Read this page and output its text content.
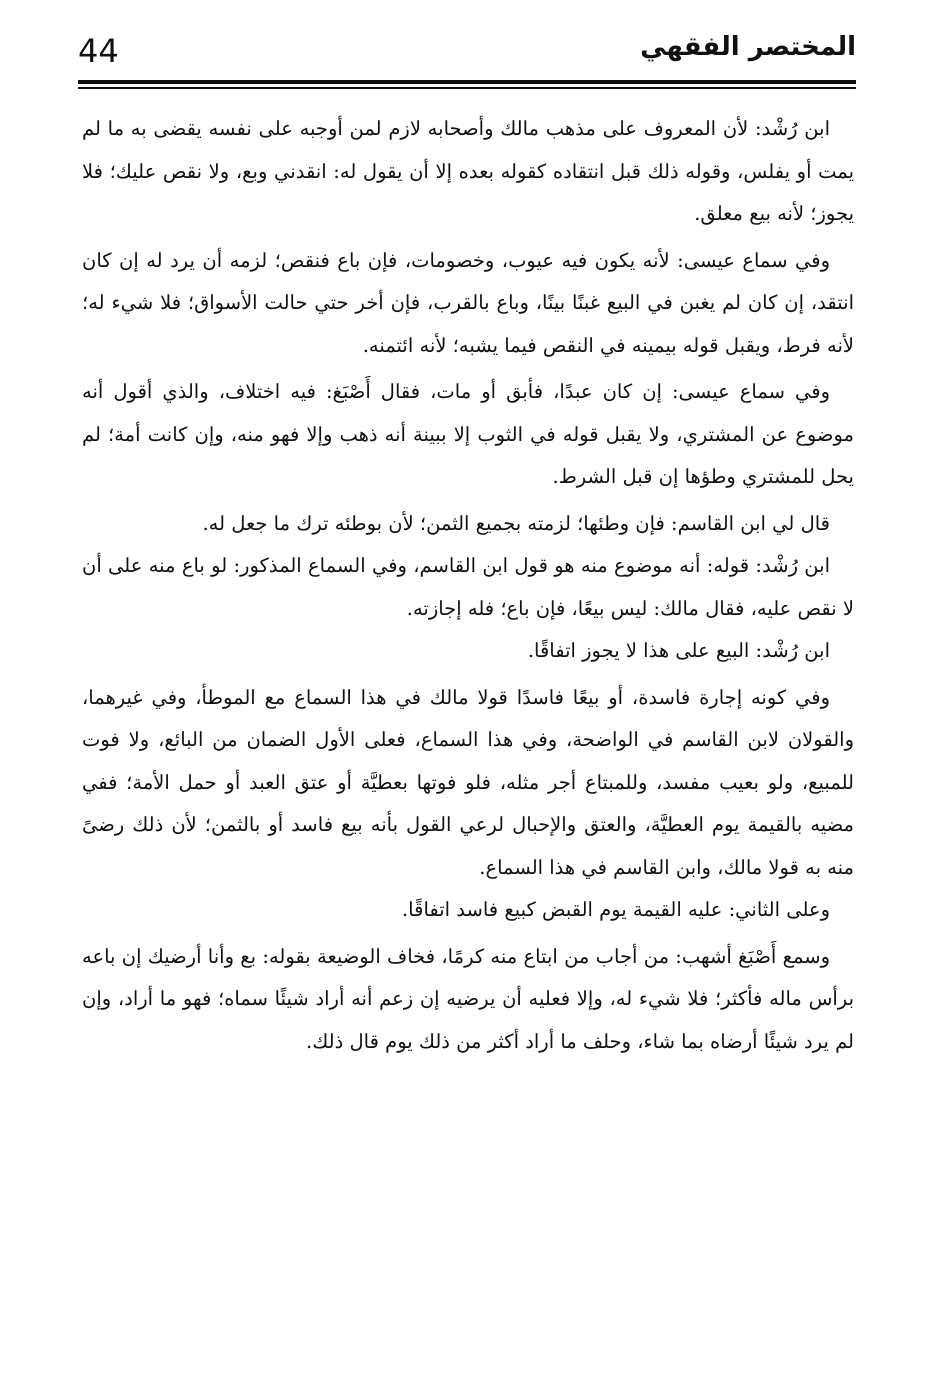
44	المختصر الفقهي

ابن رُشْد: لأن المعروف على مذهب مالك وأصحابه لازم لمن أوجبه على نفسه يقضى به ما لم يمت أو يفلس، وقوله ذلك قبل انتقاده كقوله بعده إلا أن يقول له: انقدني وبع، ولا نقص عليك؛ فلا يجوز؛ لأنه بيع معلق.

وفي سماع عيسى: لأنه يكون فيه عيوب، وخصومات، فإن باع فنقص؛ لزمه أن يرد له إن كان انتقد، إن كان لم يغبن في البيع غبنًا بينًا، وباع بالقرب، فإن أخر حتي حالت الأسواق؛ فلا شيء له؛ لأنه فرط، ويقبل قوله بيمينه في النقص فيما يشبه؛ لأنه ائتمنه.

وفي سماع عيسى: إن كان عبدًا، فأبق أو مات، فقال أَصْبَغ: فيه اختلاف، والذي أقول أنه موضوع عن المشتري، ولا يقبل قوله في الثوب إلا ببينة أنه ذهب وإلا فهو منه، وإن كانت أمة؛ لم يحل للمشتري وطؤها إن قبل الشرط.

قال لي ابن القاسم: فإن وطئها؛ لزمته بجميع الثمن؛ لأن بوطئه ترك ما جعل له.

ابن رُشْد: قوله: أنه موضوع منه هو قول ابن القاسم، وفي السماع المذكور: لو باع منه على أن لا نقص عليه، فقال مالك: ليس بيعًا، فإن باع؛ فله إجازته.

ابن رُشْد: البيع على هذا لا يجوز اتفاقًا.

وفي كونه إجارة فاسدة، أو بيعًا فاسدًا قولا مالك في هذا السماع مع الموطأ، وفي غيرهما، والقولان لابن القاسم في الواضحة، وفي هذا السماع، فعلى الأول الضمان من البائع، ولا فوت للمبيع، ولو بعيب مفسد، وللمبتاع أجر مثله، فلو فوتها بعطيَّة أو عتق العبد أو حمل الأمة؛ ففي مضيه بالقيمة يوم العطيَّة، والعتق والإحبال لرعي القول بأنه بيع فاسد أو بالثمن؛ لأن ذلك رضىً منه به قولا مالك، وابن القاسم في هذا السماع.

وعلى الثاني: عليه القيمة يوم القبض كبيع فاسد اتفاقًا.

وسمع أَصْبَغ أشهب: من أجاب من ابتاع منه كرمًا، فخاف الوضيعة بقوله: بع وأنا أرضيك إن باعه برأس ماله فأكثر؛ فلا شيء له، وإلا فعليه أن يرضيه إن زعم أنه أراد شيئًا سماه؛ فهو ما أراد، وإن لم يرد شيئًا أرضاه بما شاء، وحلف ما أراد أكثر من ذلك يوم قال ذلك.
